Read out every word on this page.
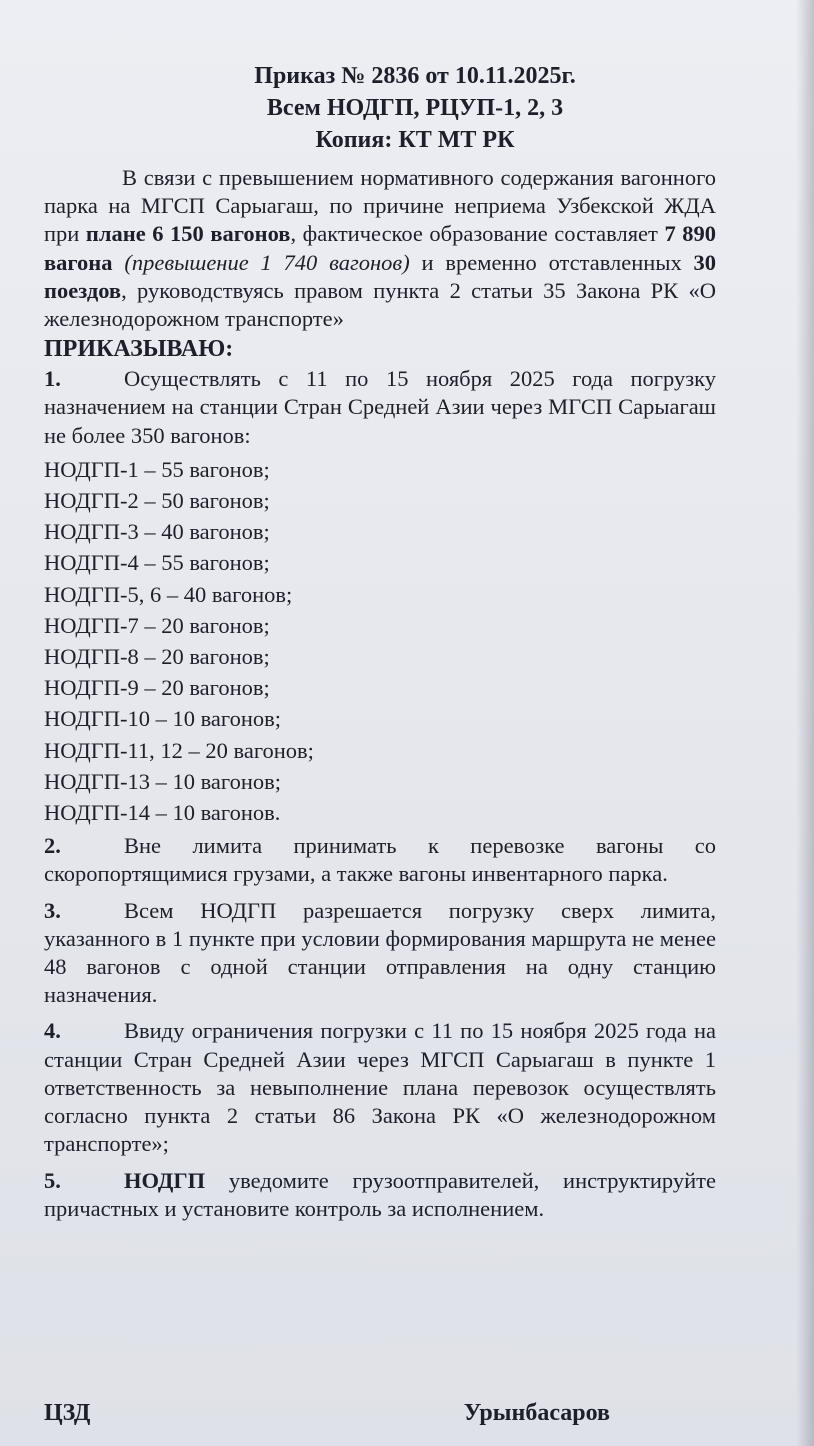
Приказ № 2836 от 10.11.2025г.
Всем НОДГП, РЦУП-1, 2, 3
Копия: КТ МТ РК

В связи с превышением нормативного содержания вагонного парка на МГСП Сарыагаш, по причине неприема Узбекской ЖДА при плане 6 150 вагонов, фактическое образование составляет 7 890 вагона (превышение 1 740 вагонов) и временно отставленных 30 поездов, руководствуясь правом пункта 2 статьи 35 Закона РК «О железнодорожном транспорте»

ПРИКАЗЫВАЮ:
1.	Осуществлять с 11 по 15 ноября 2025 года погрузку назначением на станции Стран Средней Азии через МГСП Сарыагаш не более 350 вагонов:
НОДГП-1 – 55 вагонов;
НОДГП-2 – 50 вагонов;
НОДГП-3 – 40 вагонов;
НОДГП-4 – 55 вагонов;
НОДГП-5, 6 – 40 вагонов;
НОДГП-7 – 20 вагонов;
НОДГП-8 – 20 вагонов;
НОДГП-9 – 20 вагонов;
НОДГП-10 – 10 вагонов;
НОДГП-11, 12 – 20 вагонов;
НОДГП-13 – 10 вагонов;
НОДГП-14 – 10 вагонов.
2.	Вне лимита принимать к перевозке вагоны со скоропортящимися грузами, а также вагоны инвентарного парка.
3.	Всем НОДГП разрешается погрузку сверх лимита, указанного в 1 пункте при условии формирования маршрута не менее 48 вагонов с одной станции отправления на одну станцию назначения.
4.	Ввиду ограничения погрузки с 11 по 15 ноября 2025 года на станции Стран Средней Азии через МГСП Сарыагаш в пункте 1 ответственность за невыполнение плана перевозок осуществлять согласно пункта 2 статьи 86 Закона РК «О железнодорожном транспорте»;
5.	НОДГП уведомите грузоотправителей, инструктируйте причастных и установите контроль за исполнением.
ЦЗД	Урынбасаров
